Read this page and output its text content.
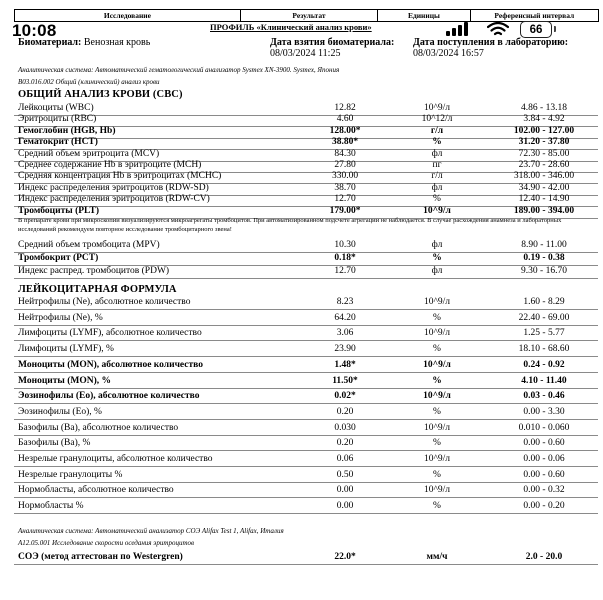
Исследование	Результат	Единицы	Референсный интервал
10:08	66
ПРОФИЛЬ «Клинический анализ крови»
Биоматериал: Венозная кровь	Дата взятия биоматериала:
08/03/2024 11:25
Дата поступления в лабораторию:
08/03/2024 16:57
Аналитическая система: Автоматический гематологический анализатор Sysmex XN-3900. Sysmex, Япония
В03.016.002 Общий (клинический) анализ крови
ОБЩИЙ АНАЛИЗ КРОВИ (CBC)
Лейкоциты (WBC)	12.82	10^9/л	4.86 - 13.18
Эритроциты (RBC)	4.60	10^12/л	3.84 - 4.92
Гемоглобин (HGB, Hb)	128.00*	г/л	102.00 - 127.00
Гематокрит (HCT)	38.80*	%	31.20 - 37.80
Средний объем эритроцита (MCV)	84.30	фл	72.30 - 85.00
Среднее содержание Hb в эритроците (MCH)	27.80	пг	23.70 - 28.60
Средняя концентрация Hb в эритроцитах (MCHC)	330.00	г/л	318.00 - 346.00
Индекс распределения эритроцитов (RDW-SD)	38.70	фл	34.90 - 42.00
Индекс распределения эритроцитов (RDW-CV)	12.70	%	12.40 - 14.90
Тромбоциты (PLT)	179.00*	10^9/л	189.00 - 394.00
В препарате крови при микроскопии визуализируются микроагрегаты тромбоцитов. При автоматизированном подсчете агрегации не наблюдается. В случае расхождения анамнеза и лабораторных исследований рекомендуем повторное исследование тромбоцитарного звена!
Средний объем тромбоцита (MPV)	10.30	фл	8.90 - 11.00
Тромбокрит (PCT)	0.18*	%	0.19 - 0.38
Индекс распред. тромбоцитов (PDW)	12.70	фл	9.30 - 16.70
ЛЕЙКОЦИТАРНАЯ ФОРМУЛА
Нейтрофилы (Ne), абсолютное количество	8.23	10^9/л	1.60 - 8.29
Нейтрофилы (Ne), %	64.20	%	22.40 - 69.00
Лимфоциты (LYMF), абсолютное количество	3.06	10^9/л	1.25 - 5.77
Лимфоциты (LYMF), %	23.90	%	18.10 - 68.60
Моноциты (MON), абсолютное количество	1.48*	10^9/л	0.24 - 0.92
Моноциты (MON), %	11.50*	%	4.10 - 11.40
Эозинофилы (Eo), абсолютное количество	0.02*	10^9/л	0.03 - 0.46
Эозинофилы (Eo), %	0.20	%	0.00 - 3.30
Базофилы (Ba), абсолютное количество	0.030	10^9/л	0.010 - 0.060
Базофилы (Ba), %	0.20	%	0.00 - 0.60
Незрелые гранулоциты, абсолютное количество	0.06	10^9/л	0.00 - 0.06
Незрелые гранулоциты %	0.50	%	0.00 - 0.60
Нормобласты, абсолютное количество	0.00	10^9/л	0.00 - 0.32
Нормобласты %	0.00	%	0.00 - 0.20
Аналитическая система: Автоматический анализатор СОЭ Alifax Test 1, Alifax, Италия
А12.05.001 Исследование скорости оседания эритроцитов
СОЭ (метод аттестован по Westergren)	22.0*	мм/ч	2.0 - 20.0
